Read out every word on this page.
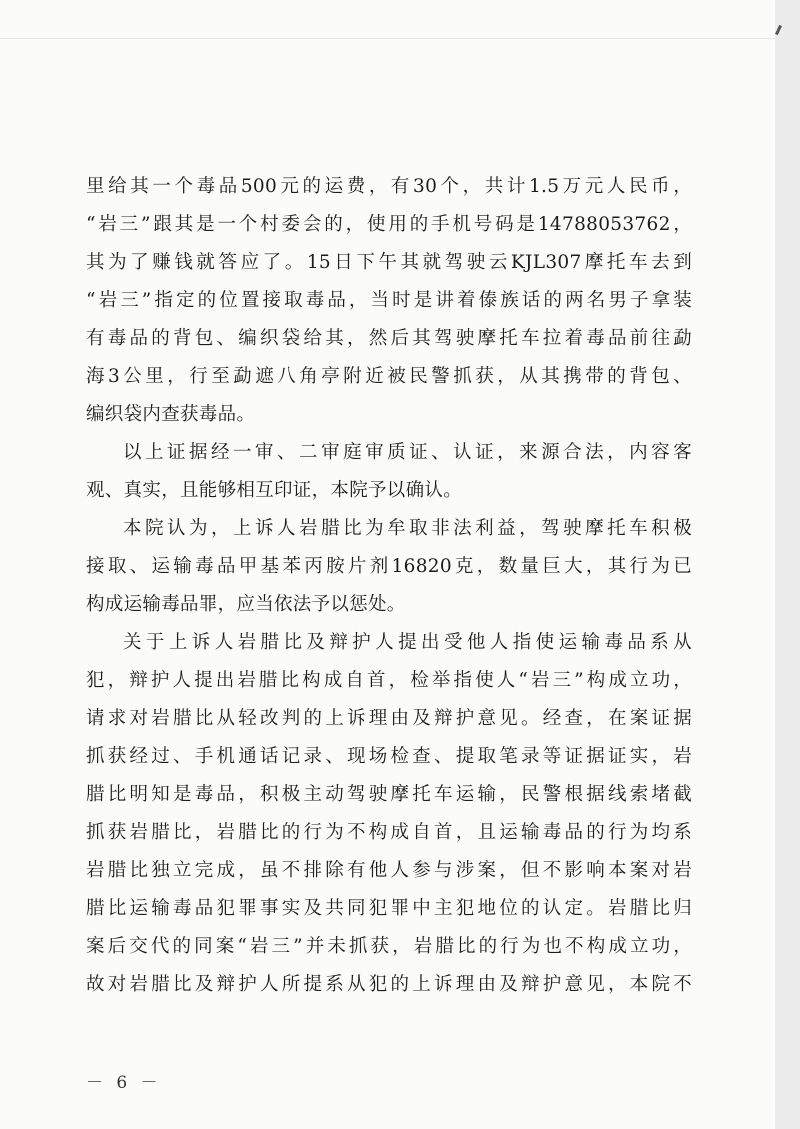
里给其一个毒品500元的运费，有30个，共计1.5万元人民币，
“岩三”跟其是一个村委会的，使用的手机号码是14788053762，
其为了赚钱就答应了。15日下午其就驾驶云KJL307摩托车去到
“岩三”指定的位置接取毒品，当时是讲着傣族话的两名男子拿装
有毒品的背包、编织袋给其，然后其驾驶摩托车拉着毒品前往勐
海3公里，行至勐遮八角亭附近被民警抓获，从其携带的背包、
编织袋内查获毒品。
以上证据经一审、二审庭审质证、认证，来源合法，内容客
观、真实，且能够相互印证，本院予以确认。
本院认为，上诉人岩腊比为牟取非法利益，驾驶摩托车积极
接取、运输毒品甲基苯丙胺片剂16820克，数量巨大，其行为已
构成运输毒品罪，应当依法予以惩处。
关于上诉人岩腊比及辩护人提出受他人指使运输毒品系从
犯，辩护人提出岩腊比构成自首，检举指使人“岩三”构成立功，
请求对岩腊比从轻改判的上诉理由及辩护意见。经查，在案证据
抓获经过、手机通话记录、现场检查、提取笔录等证据证实，岩
腊比明知是毒品，积极主动驾驶摩托车运输，民警根据线索堵截
抓获岩腊比，岩腊比的行为不构成自首，且运输毒品的行为均系
岩腊比独立完成，虽不排除有他人参与涉案，但不影响本案对岩
腊比运输毒品犯罪事实及共同犯罪中主犯地位的认定。岩腊比归
案后交代的同案“岩三”并未抓获，岩腊比的行为也不构成立功，
故对岩腊比及辩护人所提系从犯的上诉理由及辩护意见，本院不
－ 6 －
